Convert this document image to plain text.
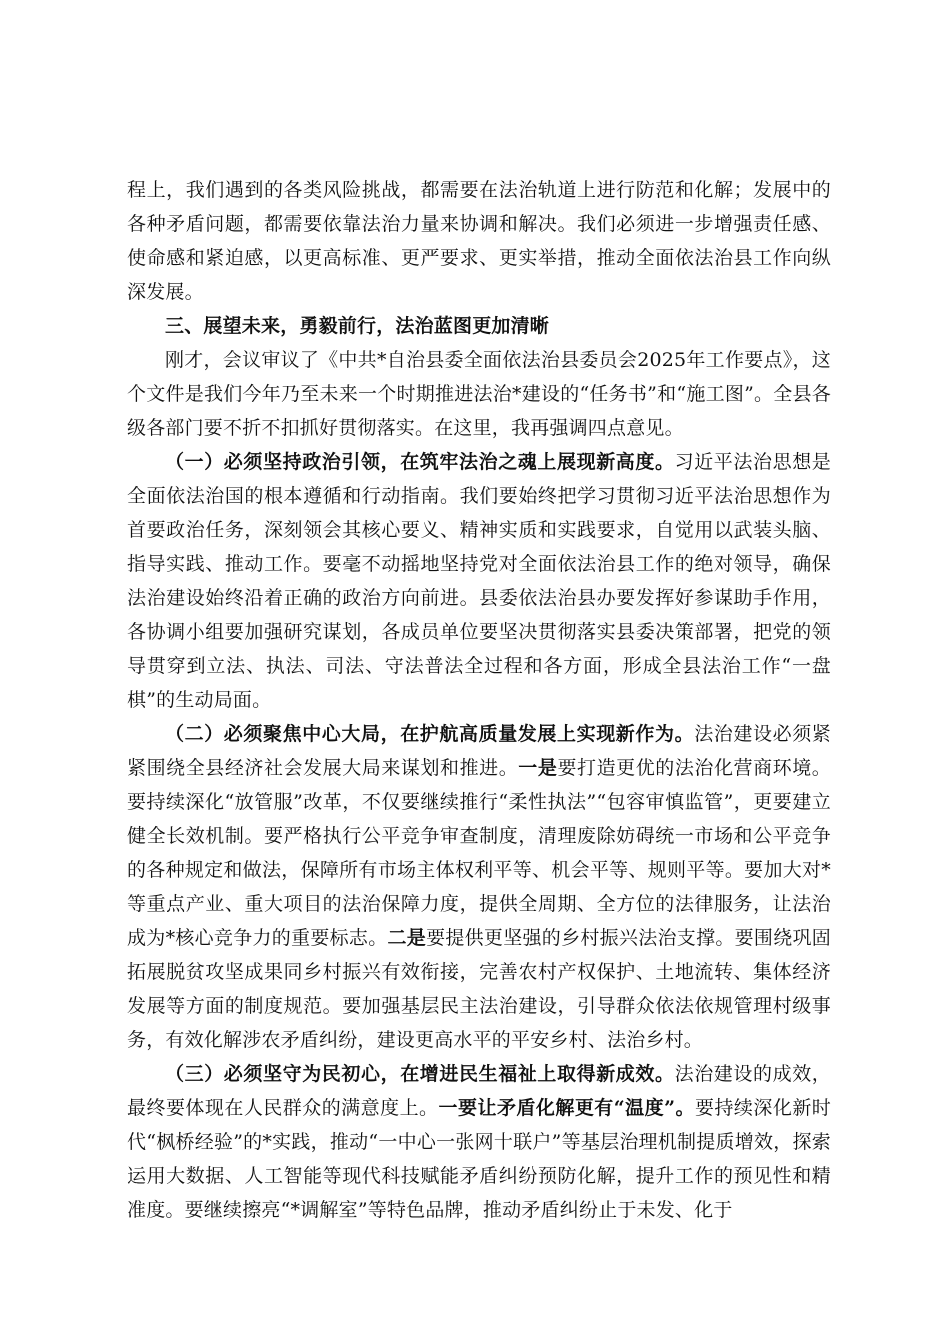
程上，我们遇到的各类风险挑战，都需要在法治轨道上进行防范和化解；发展中的各种矛盾问题，都需要依靠法治力量来协调和解决。我们必须进一步增强责任感、使命感和紧迫感，以更高标准、更严要求、更实举措，推动全面依法治县工作向纵深发展。

三、展望未来，勇毅前行，法治蓝图更加清晰

刚才，会议审议了《中共*自治县委全面依法治县委员会2025年工作要点》，这个文件是我们今年乃至未来一个时期推进法治*建设的“任务书”和“施工图”。全县各级各部门要不折不扣抓好贯彻落实。在这里，我再强调四点意见。

（一）必须坚持政治引领，在筑牢法治之魂上展现新高度。习近平法治思想是全面依法治国的根本遵循和行动指南。我们要始终把学习贯彻习近平法治思想作为首要政治任务，深刻领会其核心要义、精神实质和实践要求，自觉用以武装头脑、指导实践、推动工作。要毫不动摇地坚持党对全面依法治县工作的绝对领导，确保法治建设始终沿着正确的政治方向前进。县委依法治县办要发挥好参谋助手作用，各协调小组要加强研究谋划，各成员单位要坚决贯彻落实县委决策部署，把党的领导贯穿到立法、执法、司法、守法普法全过程和各方面，形成全县法治工作“一盘棋”的生动局面。

（二）必须聚焦中心大局，在护航高质量发展上实现新作为。法治建设必须紧紧围绕全县经济社会发展大局来谋划和推进。一是要打造更优的法治化营商环境。要持续深化“放管服”改革，不仅要继续推行“柔性执法”“包容审慎监管”，更要建立健全长效机制。要严格执行公平竞争审查制度，清理废除妨碍统一市场和公平竞争的各种规定和做法，保障所有市场主体权利平等、机会平等、规则平等。要加大对*等重点产业、重大项目的法治保障力度，提供全周期、全方位的法律服务，让法治成为*核心竞争力的重要标志。二是要提供更坚强的乡村振兴法治支撑。要围绕巩固拓展脱贫攻坚成果同乡村振兴有效衔接，完善农村产权保护、土地流转、集体经济发展等方面的制度规范。要加强基层民主法治建设，引导群众依法依规管理村级事务，有效化解涉农矛盾纠纷，建设更高水平的平安乡村、法治乡村。

（三）必须坚守为民初心，在增进民生福祉上取得新成效。法治建设的成效，最终要体现在人民群众的满意度上。一要让矛盾化解更有“温度”。要持续深化新时代“枫桥经验”的*实践，推动“一中心一张网十联户”等基层治理机制提质增效，探索运用大数据、人工智能等现代科技赋能矛盾纠纷预防化解，提升工作的预见性和精准度。要继续擦亮“*调解室”等特色品牌，推动矛盾纠纷止于未发、化于
